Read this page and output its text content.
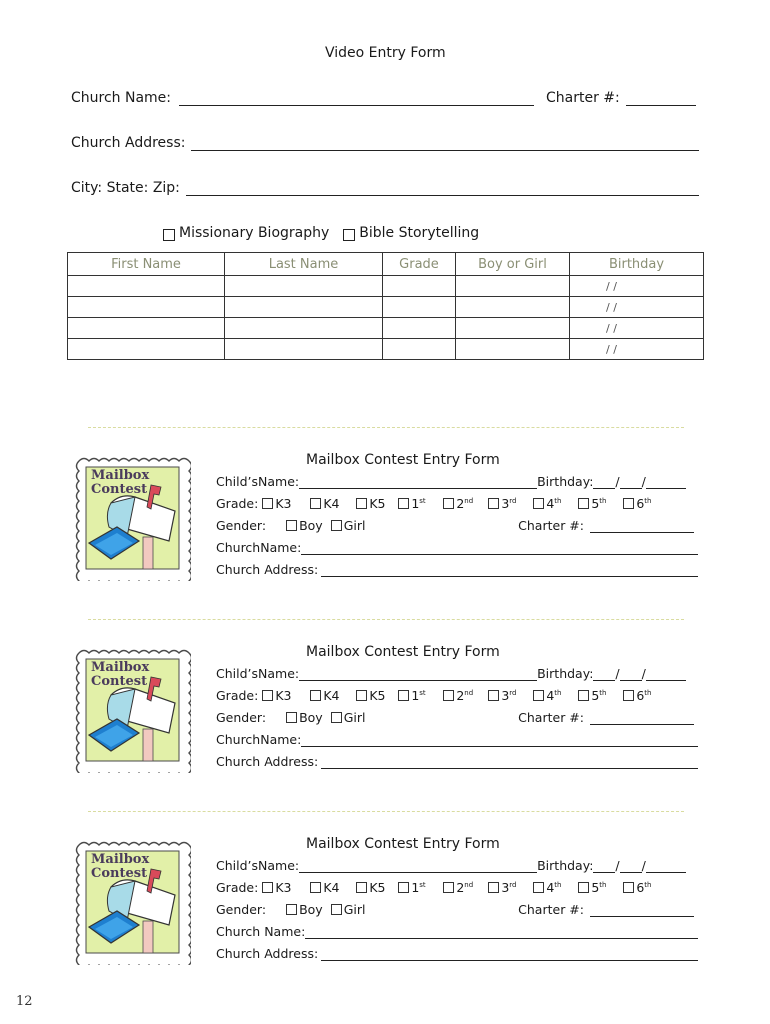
Video Entry Form
Church Name:	Charter #:
Church Address:
City: State: Zip:
Missionary Biography Bible Storytelling
First Name	Last Name	Grade	Boy or Girl	Birthday

				/ /

				/ /

				/ /

				/ /
Mailbox
Contest
Mailbox Contest Entry Form
Child’sName:	Birthday: / /
Grade:	K3	K4	K5	1st	2nd	3rd	4th	5th	6th
Gender:	Boy	Girl	Charter #:
ChurchName:
Church Address:
Mailbox
Contest
Mailbox Contest Entry Form
Child’sName:	Birthday: / /
Grade:	K3	K4	K5	1st	2nd	3rd	4th	5th	6th
Gender:	Boy	Girl	Charter #:
ChurchName:
Church Address:
Mailbox
Contest
Mailbox Contest Entry Form
Child’sName:	Birthday: / /
Grade:	K3	K4	K5	1st	2nd	3rd	4th	5th	6th
Gender:	Boy	Girl	Charter #:
Church Name:
Church Address:
12
